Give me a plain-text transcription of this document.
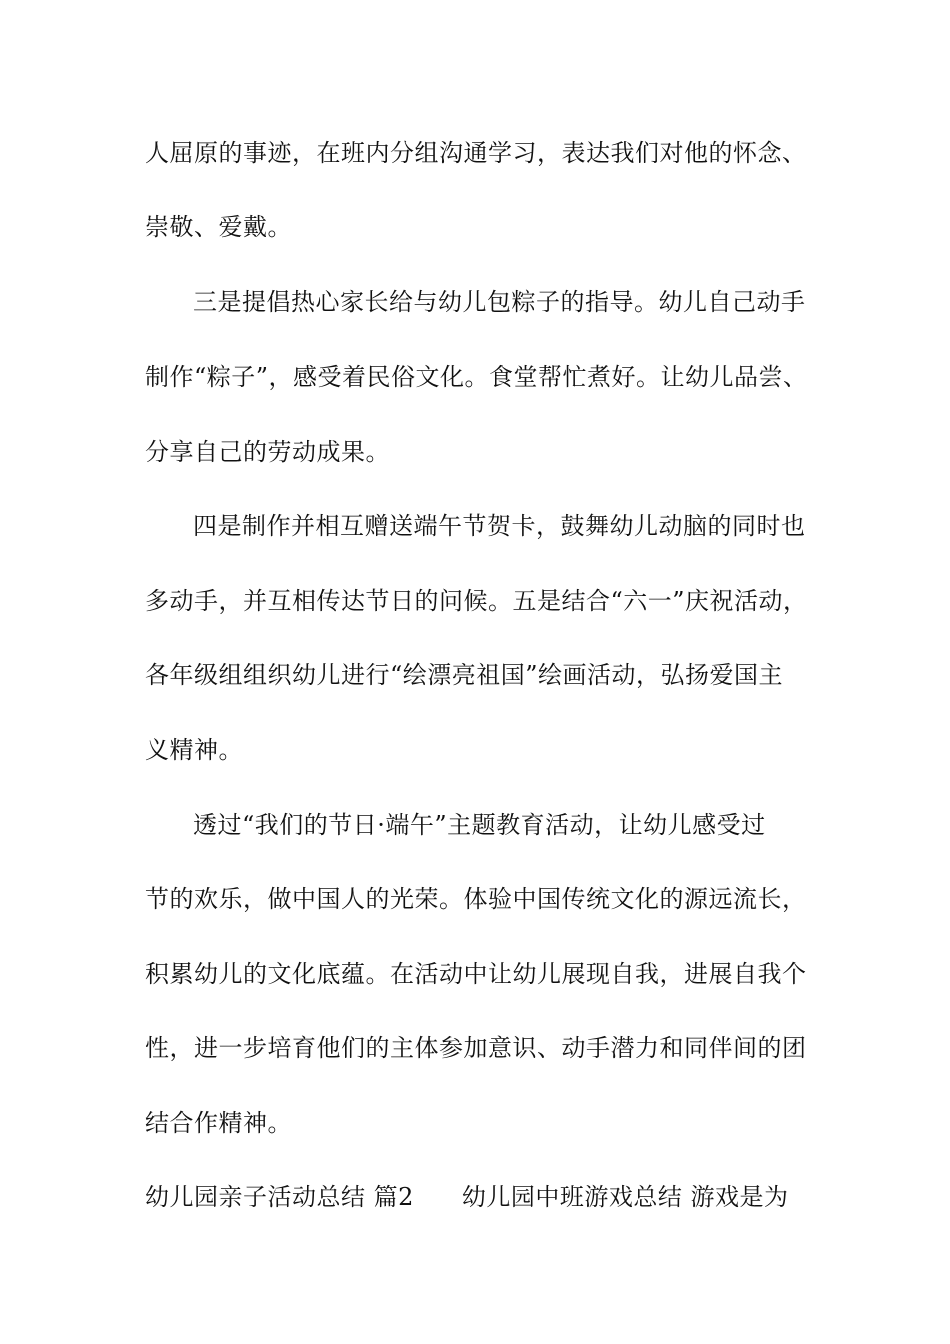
人屈原的事迹，在班内分组沟通学习，表达我们对他的怀念、
崇敬、爱戴。
三是提倡热心家长给与幼儿包粽子的指导。幼儿自己动手
制作“粽子”，感受着民俗文化。食堂帮忙煮好。让幼儿品尝、
分享自己的劳动成果。
四是制作并相互赠送端午节贺卡，鼓舞幼儿动脑的同时也
多动手，并互相传达节日的问候。五是结合“六一”庆祝活动，
各年级组组织幼儿进行“绘漂亮祖国”绘画活动，弘扬爱国主
义精神。
透过“我们的节日·端午”主题教育活动，让幼儿感受过
节的欢乐，做中国人的光荣。体验中国传统文化的源远流长，
积累幼儿的文化底蕴。在活动中让幼儿展现自我，进展自我个
性，进一步培育他们的主体参加意识、动手潜力和同伴间的团
结合作精神。
幼儿园亲子活动总结 篇2 幼儿园中班游戏总结 游戏是为
